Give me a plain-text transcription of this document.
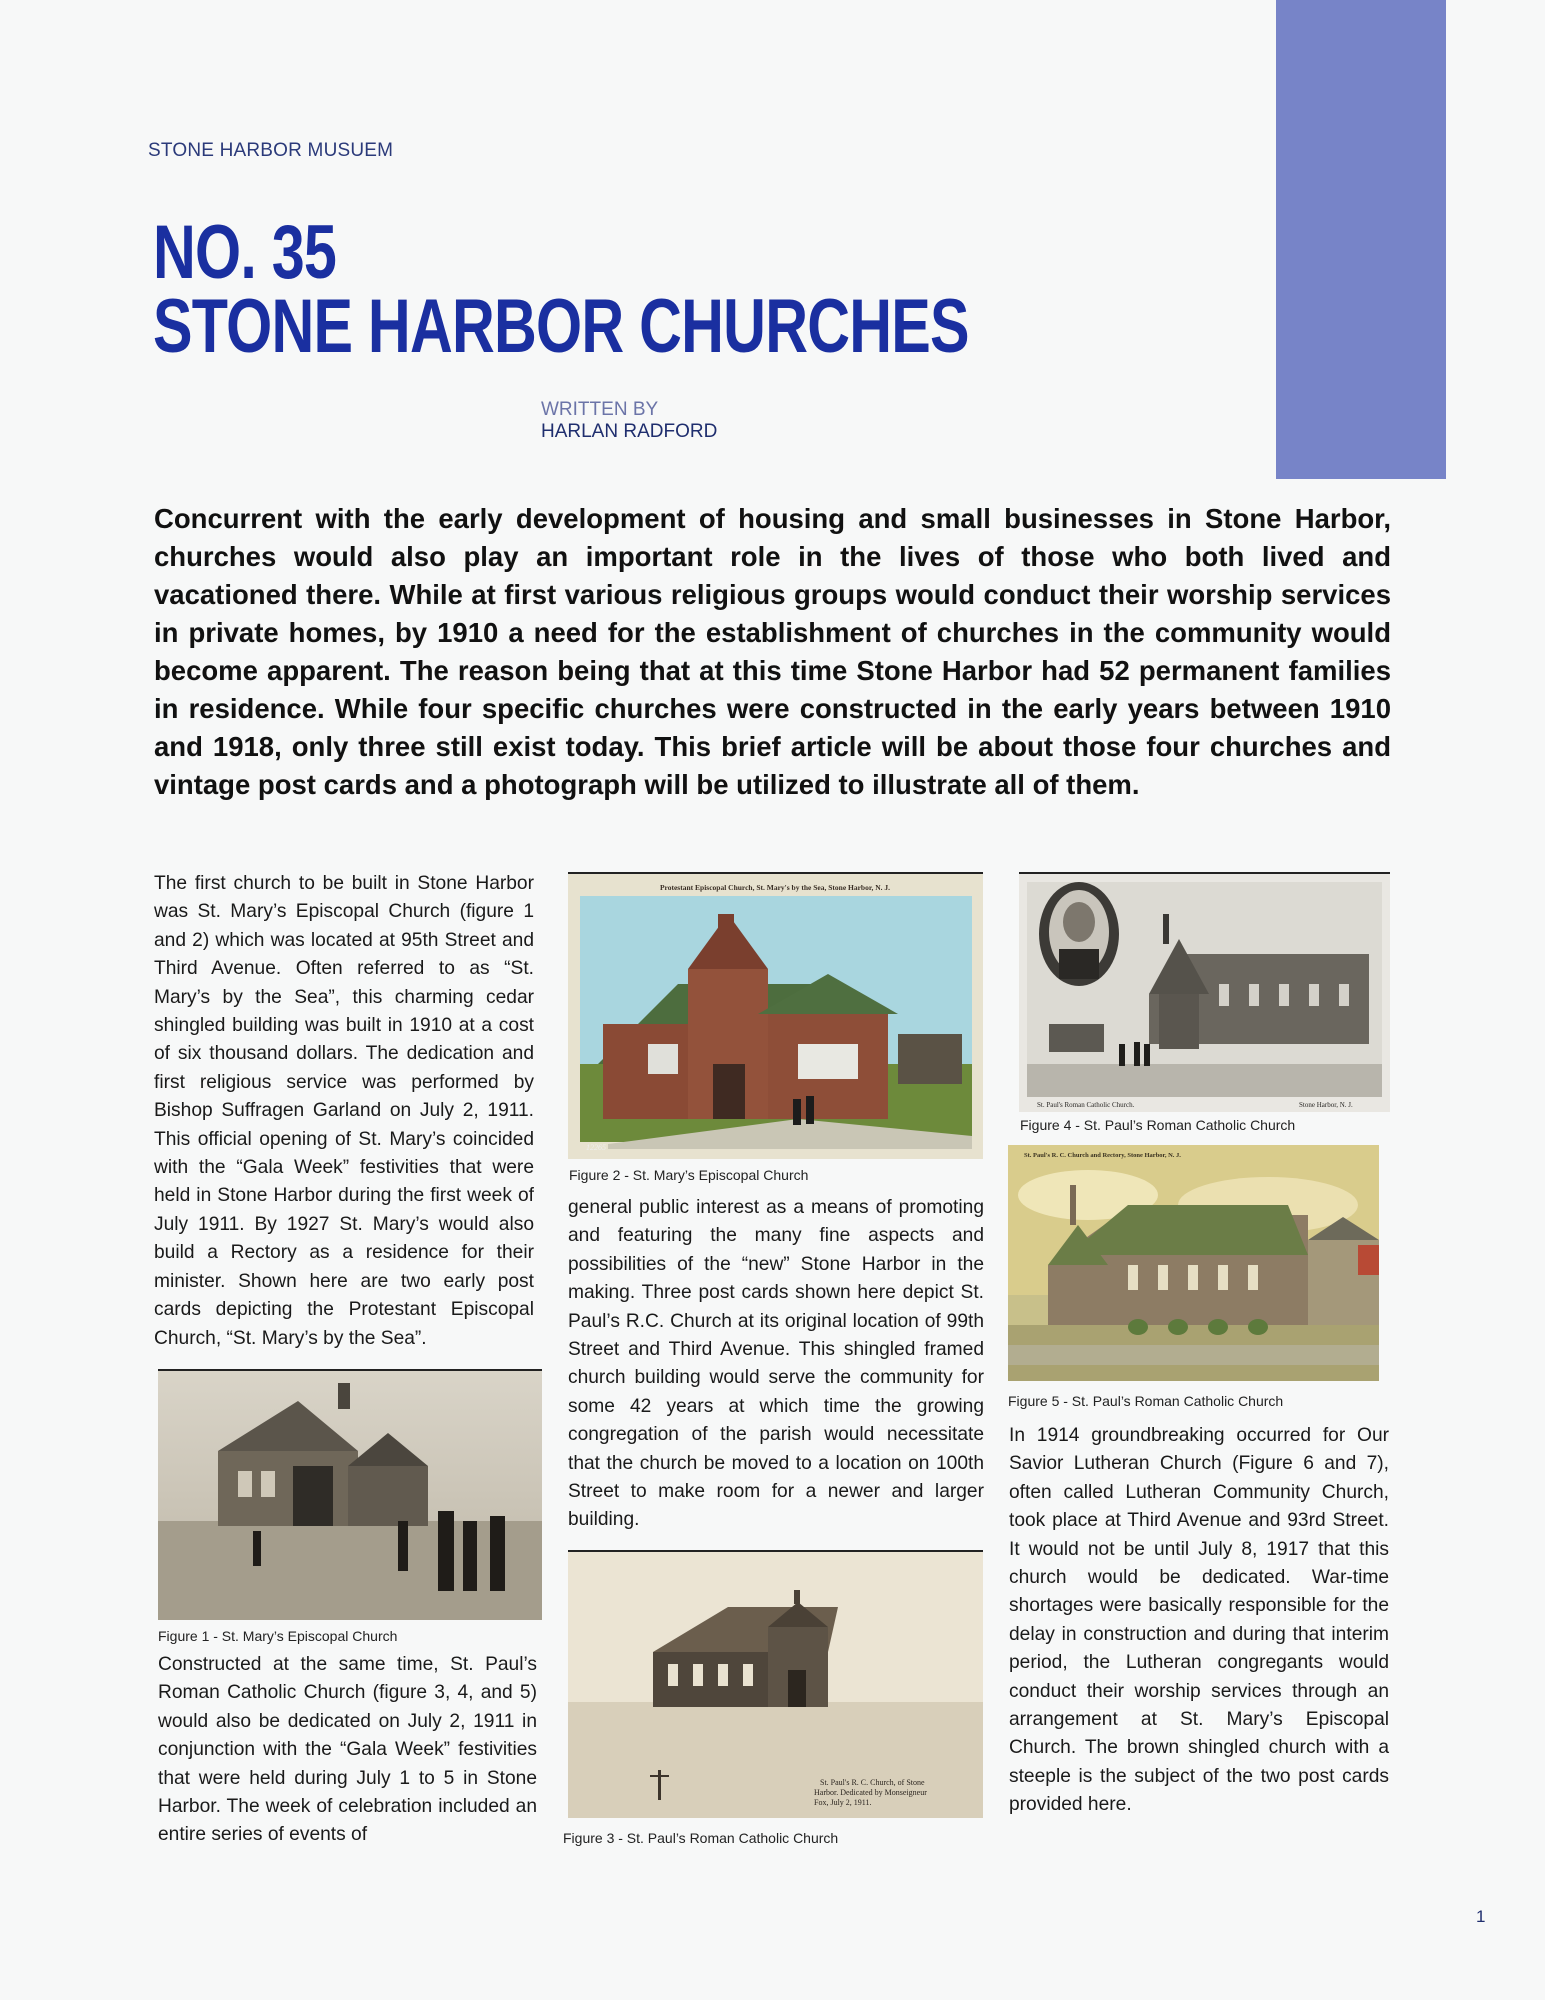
STONE HARBOR MUSUEM
NO. 35
STONE HARBOR CHURCHES
WRITTEN BY
HARLAN RADFORD

Concurrent with the early development of housing and small businesses in Stone Harbor, churches would also play an important role in the lives of those who both lived and vacationed there. While at first various religious groups would conduct their worship services in private homes, by 1910 a need for the establishment of churches in the community would become apparent. The reason being that at this time Stone Harbor had 52 permanent families in residence. While four specific churches were constructed in the early years between 1910 and 1918, only three still exist today. This brief article will be about those four churches and vintage post cards and a photograph will be utilized to illustrate all of them.

The first church to be built in Stone Harbor was St. Mary’s Episcopal Church (figure 1 and 2) which was located at 95th Street and Third Avenue. Often referred to as “St. Mary’s by the Sea”, this charming cedar shingled building was built in 1910 at a cost of six thousand dollars. The dedication and first religious service was performed by Bishop Suffragen Garland on July 2, 1911. This official opening of St. Mary’s coincided with the “Gala Week” festivities that were held in Stone Harbor during the first week of July 1911. By 1927 St. Mary’s would also build a Rectory as a residence for their minister. Shown here are two early post cards depicting the Protestant Episcopal Church, “St. Mary’s by the Sea”.

Figure 1 - St. Mary’s Episcopal Church

Constructed at the same time, St. Paul’s Roman Catholic Church (figure 3, 4, and 5) would also be dedicated on July 2, 1911 in conjunction with the “Gala Week” festivities that were held during July 1 to 5 in Stone Harbor. The week of celebration included an entire series of events of

Protestant Episcopal Church, St. Mary's by the Sea, Stone Harbor, N. J.
12265

Figure 2 - St. Mary’s Episcopal Church

general public interest as a means of promoting and featuring the many fine aspects and possibilities of the “new” Stone Harbor in the making. Three post cards shown here depict St. Paul’s R.C. Church at its original location of 99th Street and Third Avenue. This shingled framed church building would serve the community for some 42 years at which time the growing congregation of the parish would necessitate that the church be moved to a location on 100th Street to make room for a newer and larger building.

St. Paul's R. C. Church, of Stone
Harbor. Dedicated by Monseigneur
Fox, July 2, 1911.

Figure 3 - St. Paul’s Roman Catholic Church

St. Paul's Roman Catholic Church.	Stone Harbor, N. J.

Figure 4 - St. Paul’s Roman Catholic Church

St. Paul's R. C. Church and Rectory, Stone Harbor, N. J.

Figure 5 - St. Paul’s Roman Catholic Church

In 1914 groundbreaking occurred for Our Savior Lutheran Church (Figure 6 and 7), often called Lutheran Community Church, took place at Third Avenue and 93rd Street. It would not be until July 8, 1917 that this church would be dedicated. War-time shortages were basically responsible for the delay in construction and during that interim period, the Lutheran congregants would conduct their worship services through an arrangement at St. Mary’s Episcopal Church. The brown shingled church with a steeple is the subject of the two post cards provided here.

1
